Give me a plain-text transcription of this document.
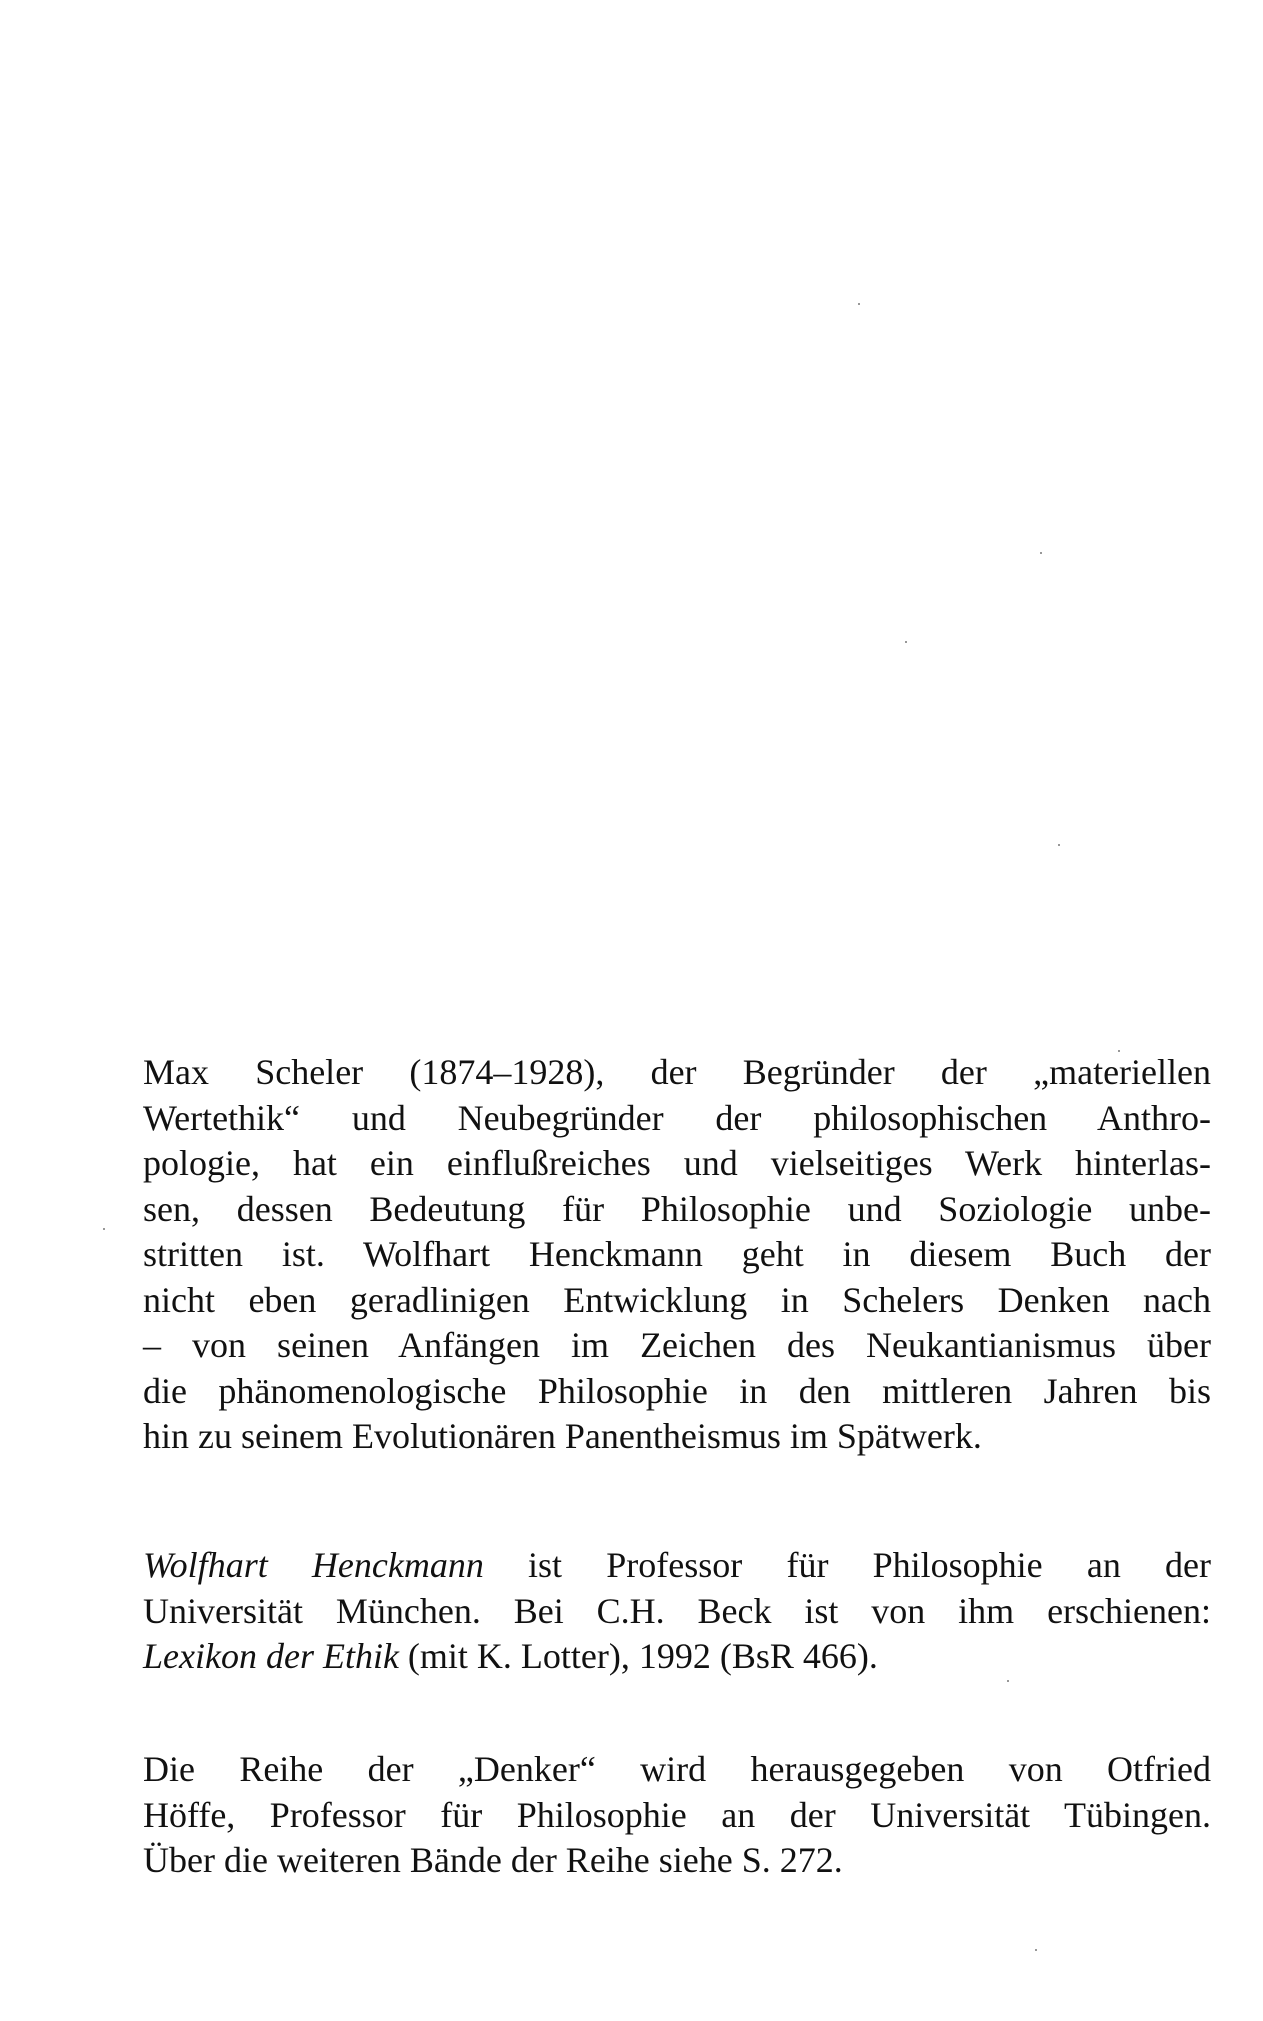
Max Scheler (1874–1928), der Begründer der „materiellen
Wertethik“ und Neubegründer der philosophischen Anthro-
pologie, hat ein einflußreiches und vielseitiges Werk hinterlas-
sen, dessen Bedeutung für Philosophie und Soziologie unbe-
stritten ist. Wolfhart Henckmann geht in diesem Buch der
nicht eben geradlinigen Entwicklung in Schelers Denken nach
– von seinen Anfängen im Zeichen des Neukantianismus über
die phänomenologische Philosophie in den mittleren Jahren bis
hin zu seinem Evolutionären Panentheismus im Spätwerk.
Wolfhart Henckmann ist Professor für Philosophie an der
Universität München. Bei C.H. Beck ist von ihm erschienen:
Lexikon der Ethik (mit K. Lotter), 1992 (BsR 466).
Die Reihe der „Denker“ wird herausgegeben von Otfried
Höffe, Professor für Philosophie an der Universität Tübingen.
Über die weiteren Bände der Reihe siehe S. 272.
